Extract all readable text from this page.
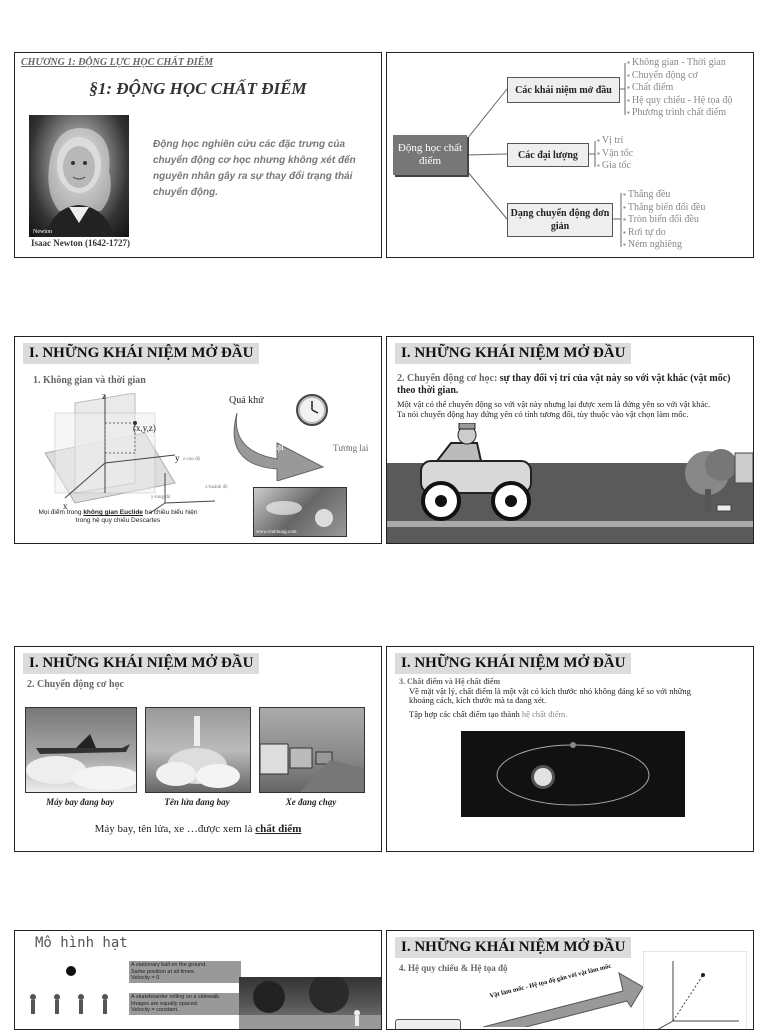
CHƯƠNG 1: ĐỘNG LỰC HỌC CHẤT ĐIỂM
§1: ĐỘNG HỌC CHẤT ĐIỂM
Newton
Isaac Newton (1642-1727)
Động học nghiên cứu các đặc trưng của chuyển động cơ học nhưng không xét đến nguyên nhân gây ra sự thay đổi trạng thái chuyển động.
Động học chất điểm
Các khái niệm mở đầu
▪ Không gian - Thời gian
▪ Chuyển động cơ
▪ Chất điểm
▪ Hệ quy chiếu - Hệ tọa độ
▪ Phương trình chất điểm
Các đại lượng
▪ Vị trí
▪ Vận tốc
▪ Gia tốc
Dạng chuyển động đơn giản
▪ Thẳng đều
▪ Thẳng biến đổi đều
▪ Tròn biến đổi đều
▪ Rơi tự do
▪ Ném nghiêng
I. NHỮNG KHÁI NIỆM MỞ ĐẦU
1. Không gian và thời gian
z
y
x
(x,y,z)
z-cao độ
x-hoành độ
y-tung độ
Mọi điểm trong không gian Euclide ba chiều biểu hiện trong hệ quy chiếu Descartes
Quá khứ
Hiện tại	Tương lai
www.vinhhung.com
I. NHỮNG KHÁI NIỆM MỞ ĐẦU
2. Chuyển động cơ học: sự thay đổi vị trí của vật này so với vật khác (vật mốc) theo thời gian.
Một vật có thể chuyển động so với vật này nhưng lại được xem là đứng yên so với vật khác.
Ta nói chuyển động hay đứng yên có tính tương đối, tùy thuộc vào vật chọn làm mốc.
I. NHỮNG KHÁI NIỆM MỞ ĐẦU
2. Chuyển động cơ học
Máy bay đang bay	Tên lửa đang bay	Xe đang chạy
Máy bay, tên lửa, xe …được xem là chất điểm
I. NHỮNG KHÁI NIỆM MỞ ĐẦU
3. Chất điểm và Hệ chất điểm
Về mặt vật lý, chất điểm là một vật có kích thước nhỏ không đáng kể so với những khoảng cách, kích thước mà ta đang xét.
Tập hợp các chất điểm tạo thành hệ chất điểm.
Mô hình hạt
A stationary ball on the ground.
Same position at all times.
Velocity = 0.
A skateboarder rolling on a sidewalk.
Images are equally spaced.
Velocity = constant.
I. NHỮNG KHÁI NIỆM MỞ ĐẦU
4. Hệ quy chiếu & Hệ tọa độ
Vật làm mốc - Hệ tọa độ gắn với vật làm mốc
